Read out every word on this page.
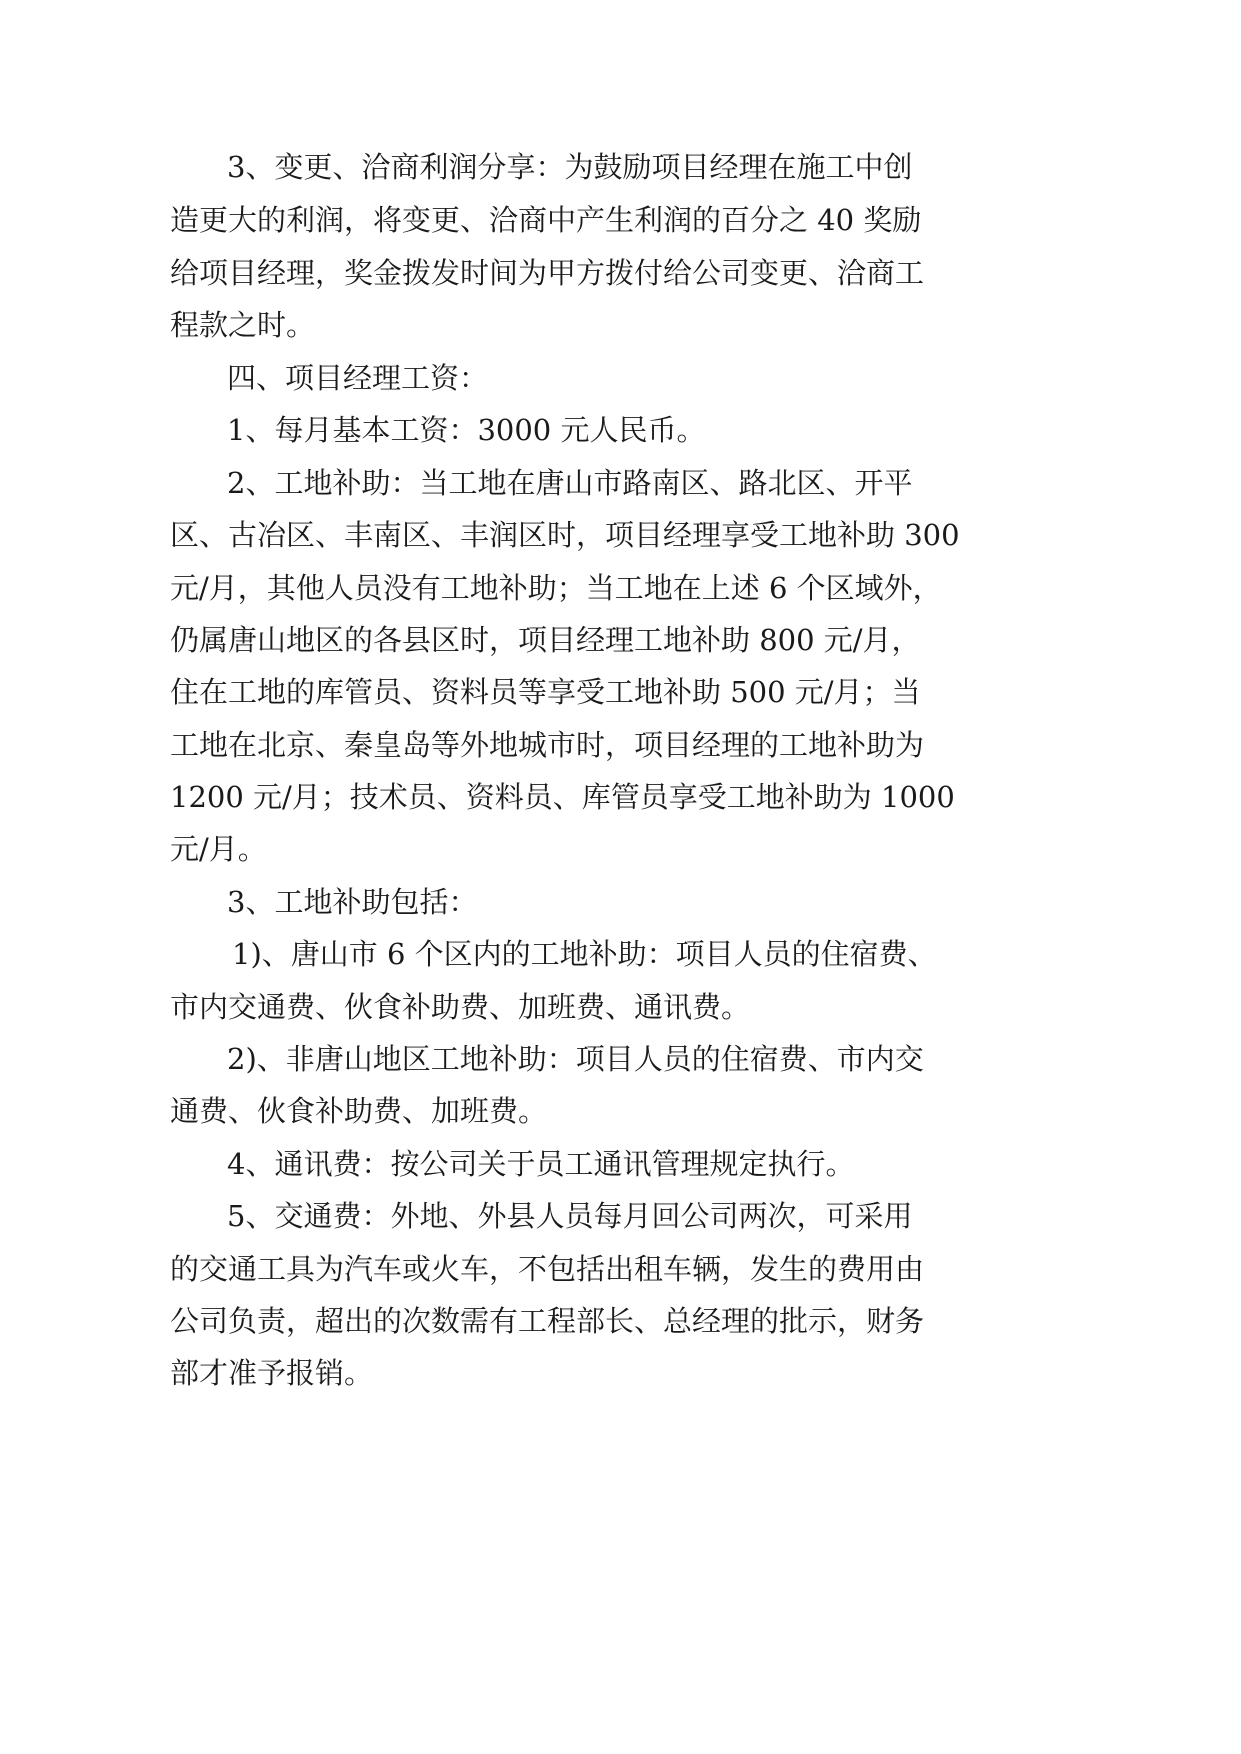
3、变更、洽商利润分享：为鼓励项目经理在施工中创
造更大的利润，将变更、洽商中产生利润的百分之 40 奖励
给项目经理，奖金拨发时间为甲方拨付给公司变更、洽商工
程款之时。
四、项目经理工资：
1、每月基本工资：3000 元人民币。
2、工地补助：当工地在唐山市路南区、路北区、开平
区、古冶区、丰南区、丰润区时，项目经理享受工地补助 300
元/月，其他人员没有工地补助；当工地在上述 6 个区域外，
仍属唐山地区的各县区时，项目经理工地补助 800 元/月，
住在工地的库管员、资料员等享受工地补助 500 元/月；当
工地在北京、秦皇岛等外地城市时，项目经理的工地补助为
1200 元/月；技术员、资料员、库管员享受工地补助为 1000
元/月。
3、工地补助包括：
1)、唐山市 6 个区内的工地补助：项目人员的住宿费、
市内交通费、伙食补助费、加班费、通讯费。
2)、非唐山地区工地补助：项目人员的住宿费、市内交
通费、伙食补助费、加班费。
4、通讯费：按公司关于员工通讯管理规定执行。
5、交通费：外地、外县人员每月回公司两次，可采用
的交通工具为汽车或火车，不包括出租车辆，发生的费用由
公司负责，超出的次数需有工程部长、总经理的批示，财务
部才准予报销。
